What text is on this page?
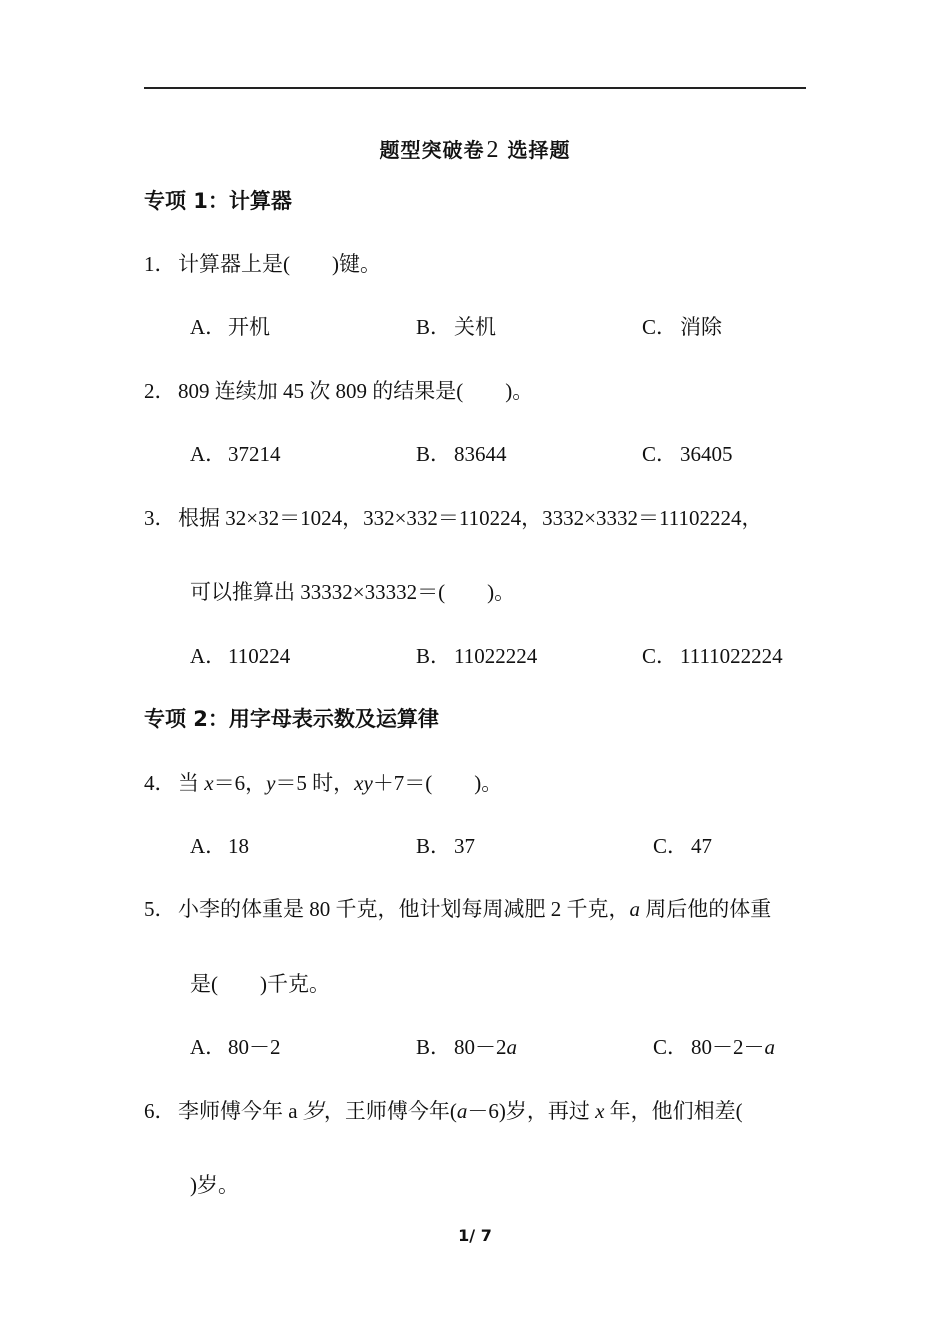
题型突破卷2 选择题
专项 1：计算器
1． 计算器上是(　　)键。
A．开机	B． 关机	C． 消除
2． 809 连续加 45 次 809 的结果是(　　)。
A．37214	B． 83644	C． 36405
3． 根据 32×32＝1024，332×332＝110224，3332×3332＝11102224，
可以推算出 33332×33332＝(　　)。
A．110224	B． 11022224	C． 1111022224
专项 2：用字母表示数及运算律
4． 当 x＝6，y＝5 时，xy＋7＝(　　)。
A．18	B． 37	C． 47
5． 小李的体重是 80 千克，他计划每周减肥 2 千克，a 周后他的体重
是(　　)千克。
A．80－2	B． 80－2a	C． 80－2－a
6． 李师傅今年 a 岁，王师傅今年(a－6)岁，再过 x 年，他们相差(
)岁。
1/ 7
